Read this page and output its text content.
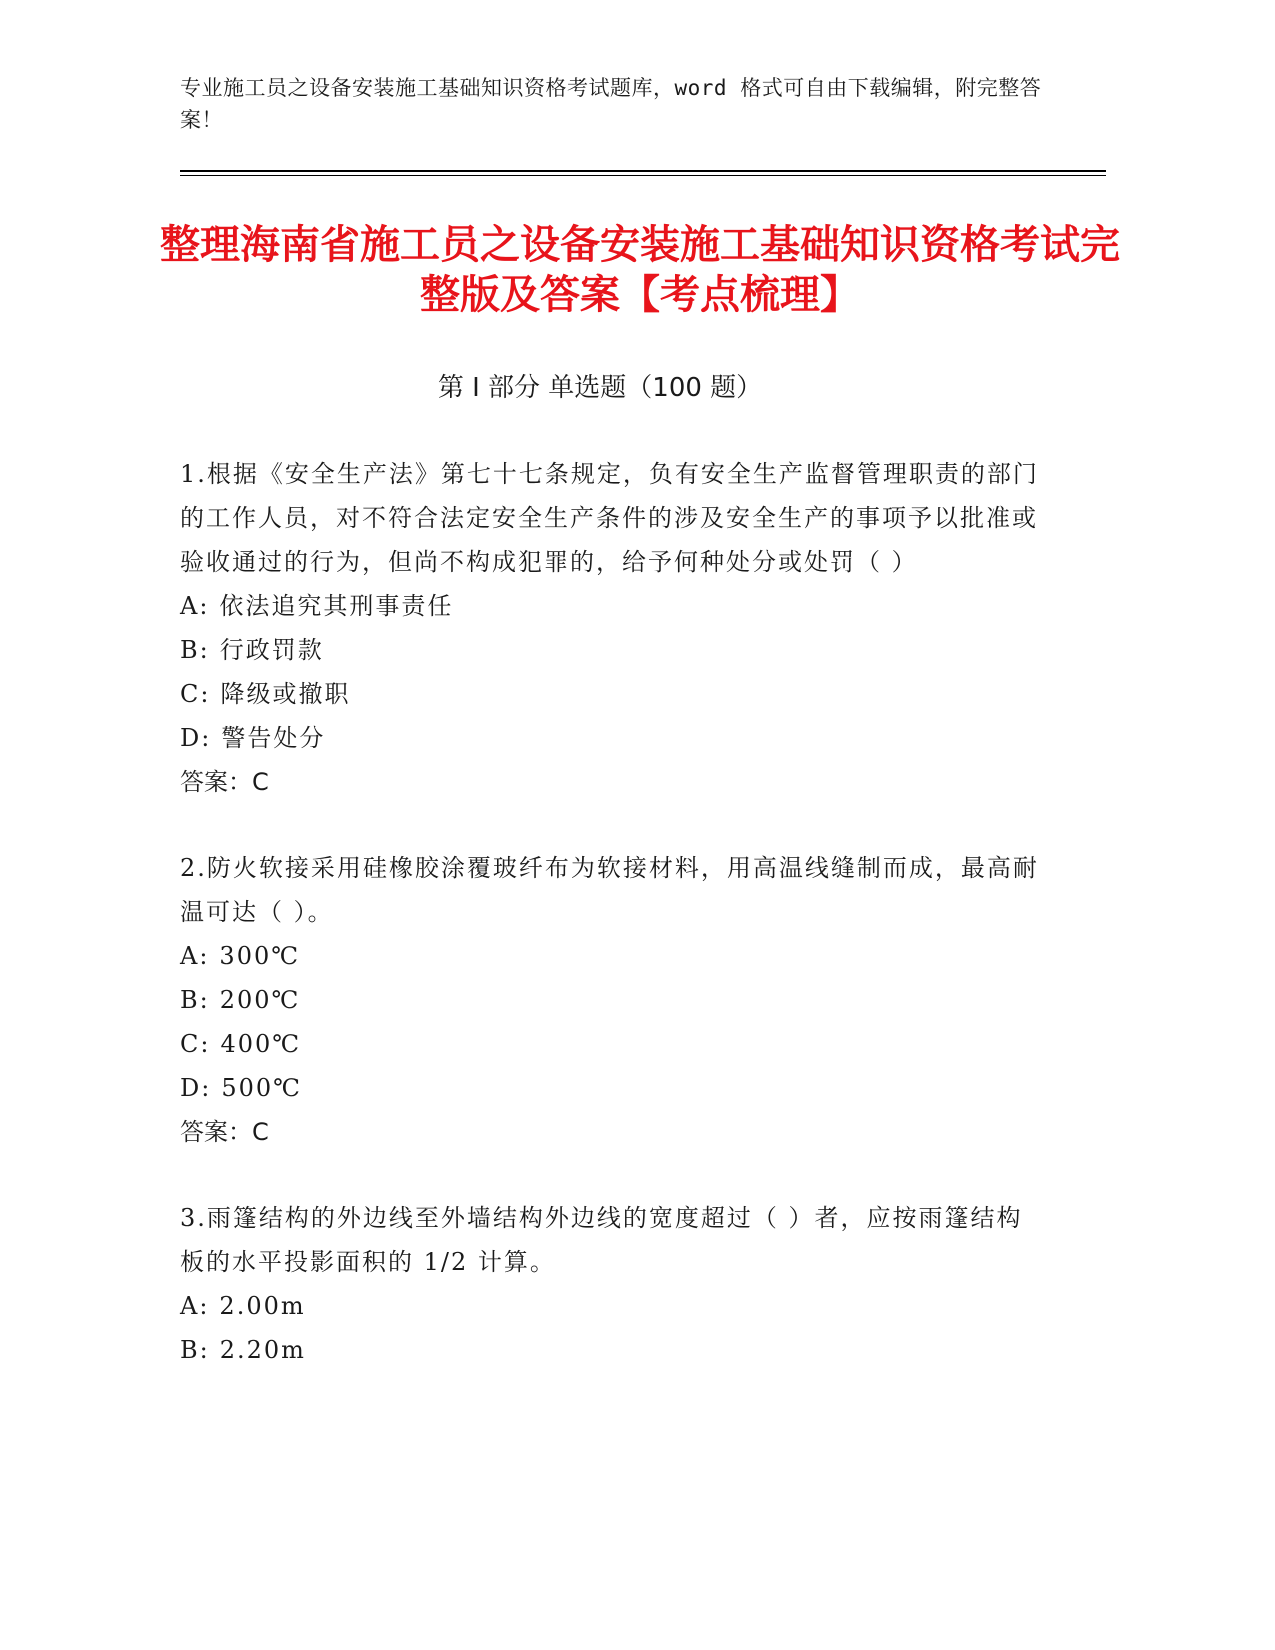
专业施工员之设备安装施工基础知识资格考试题库，word 格式可自由下载编辑，附完整答案！
整理海南省施工员之设备安装施工基础知识资格考试完整版及答案【考点梳理】
第 I 部分 单选题（100 题）

1.根据《安全生产法》第七十七条规定，负有安全生产监督管理职责的部门的工作人员，对不符合法定安全生产条件的涉及安全生产的事项予以批准或验收通过的行为，但尚不构成犯罪的，给予何种处分或处罚（ ）

A: 依法追究其刑事责任

B: 行政罚款

C: 降级或撤职

D: 警告处分

答案：C

2.防火软接采用硅橡胶涂覆玻纤布为软接材料，用高温线缝制而成，最高耐温可达（ ）。

A: 300℃

B: 200℃

C: 400℃

D: 500℃

答案：C

3.雨篷结构的外边线至外墙结构外边线的宽度超过（ ）者，应按雨篷结构板的水平投影面积的 1/2 计算。

A: 2.00m

B: 2.20m
